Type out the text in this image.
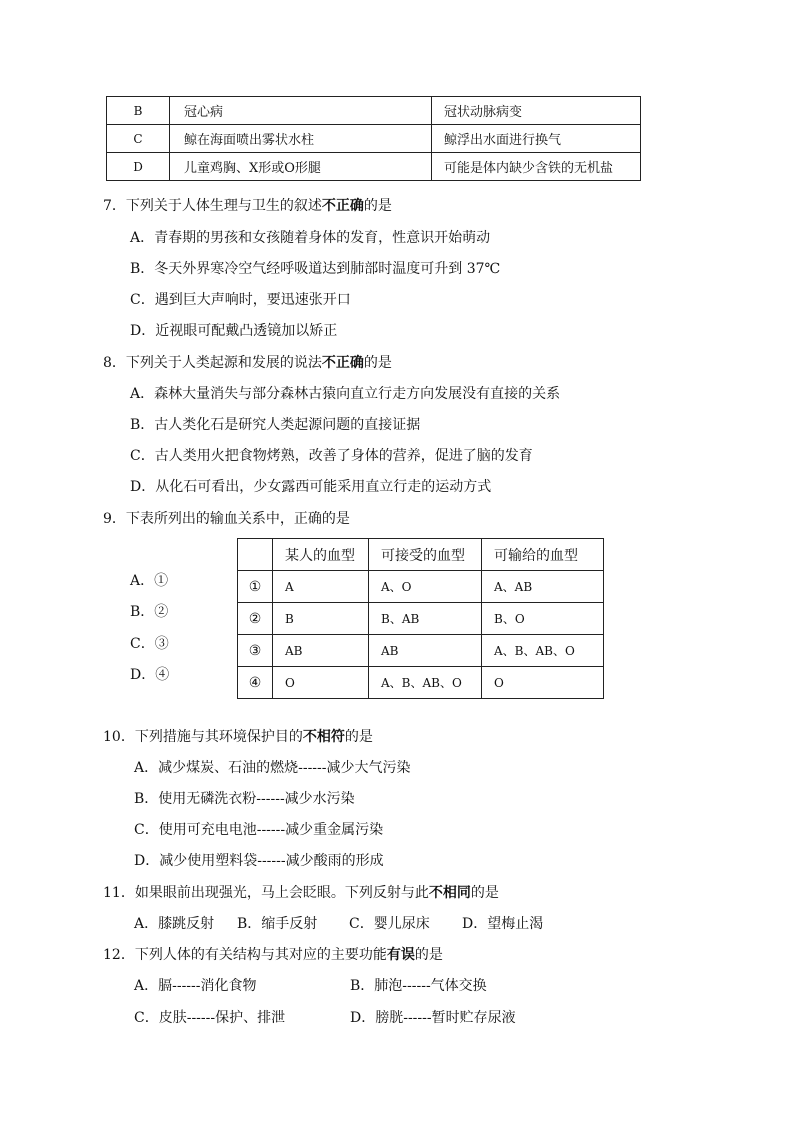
B	冠心病	冠状动脉病变
C	鲸在海面喷出雾状水柱	鲸浮出水面进行换气
D	儿童鸡胸、X形或O形腿	可能是体内缺少含铁的无机盐
7．下列关于人体生理与卫生的叙述不正确的是
A．青春期的男孩和女孩随着身体的发育，性意识开始萌动
B．冬天外界寒冷空气经呼吸道达到肺部时温度可升到 37℃
C．遇到巨大声响时，要迅速张开口
D．近视眼可配戴凸透镜加以矫正
8．下列关于人类起源和发展的说法不正确的是
A．森林大量消失与部分森林古猿向直立行走方向发展没有直接的关系
B．古人类化石是研究人类起源问题的直接证据
C．古人类用火把食物烤熟，改善了身体的营养，促进了脑的发育
D．从化石可看出，少女露西可能采用直立行走的运动方式
9．下表所列出的输血关系中，正确的是
A．①
B．②
C．③
D．④
	某人的血型	可接受的血型	可输给的血型
①	A	A、O	A、AB
②	B	B、AB	B、O
③	AB	AB	A、B、AB、O
④	O	A、B、AB、O	O
10．下列措施与其环境保护目的不相符的是
A．减少煤炭、石油的燃烧------减少大气污染
B．使用无磷洗衣粉------减少水污染
C．使用可充电电池------减少重金属污染
D．减少使用塑料袋------减少酸雨的形成
11．如果眼前出现强光，马上会眨眼。下列反射与此不相同的是
A．膝跳反射 B．缩手反射 C．婴儿尿床 D．望梅止渴
12．下列人体的有关结构与其对应的主要功能有误的是
A．膈------消化食物	B．肺泡------气体交换
C．皮肤------保护、排泄	D．膀胱------暂时贮存尿液
